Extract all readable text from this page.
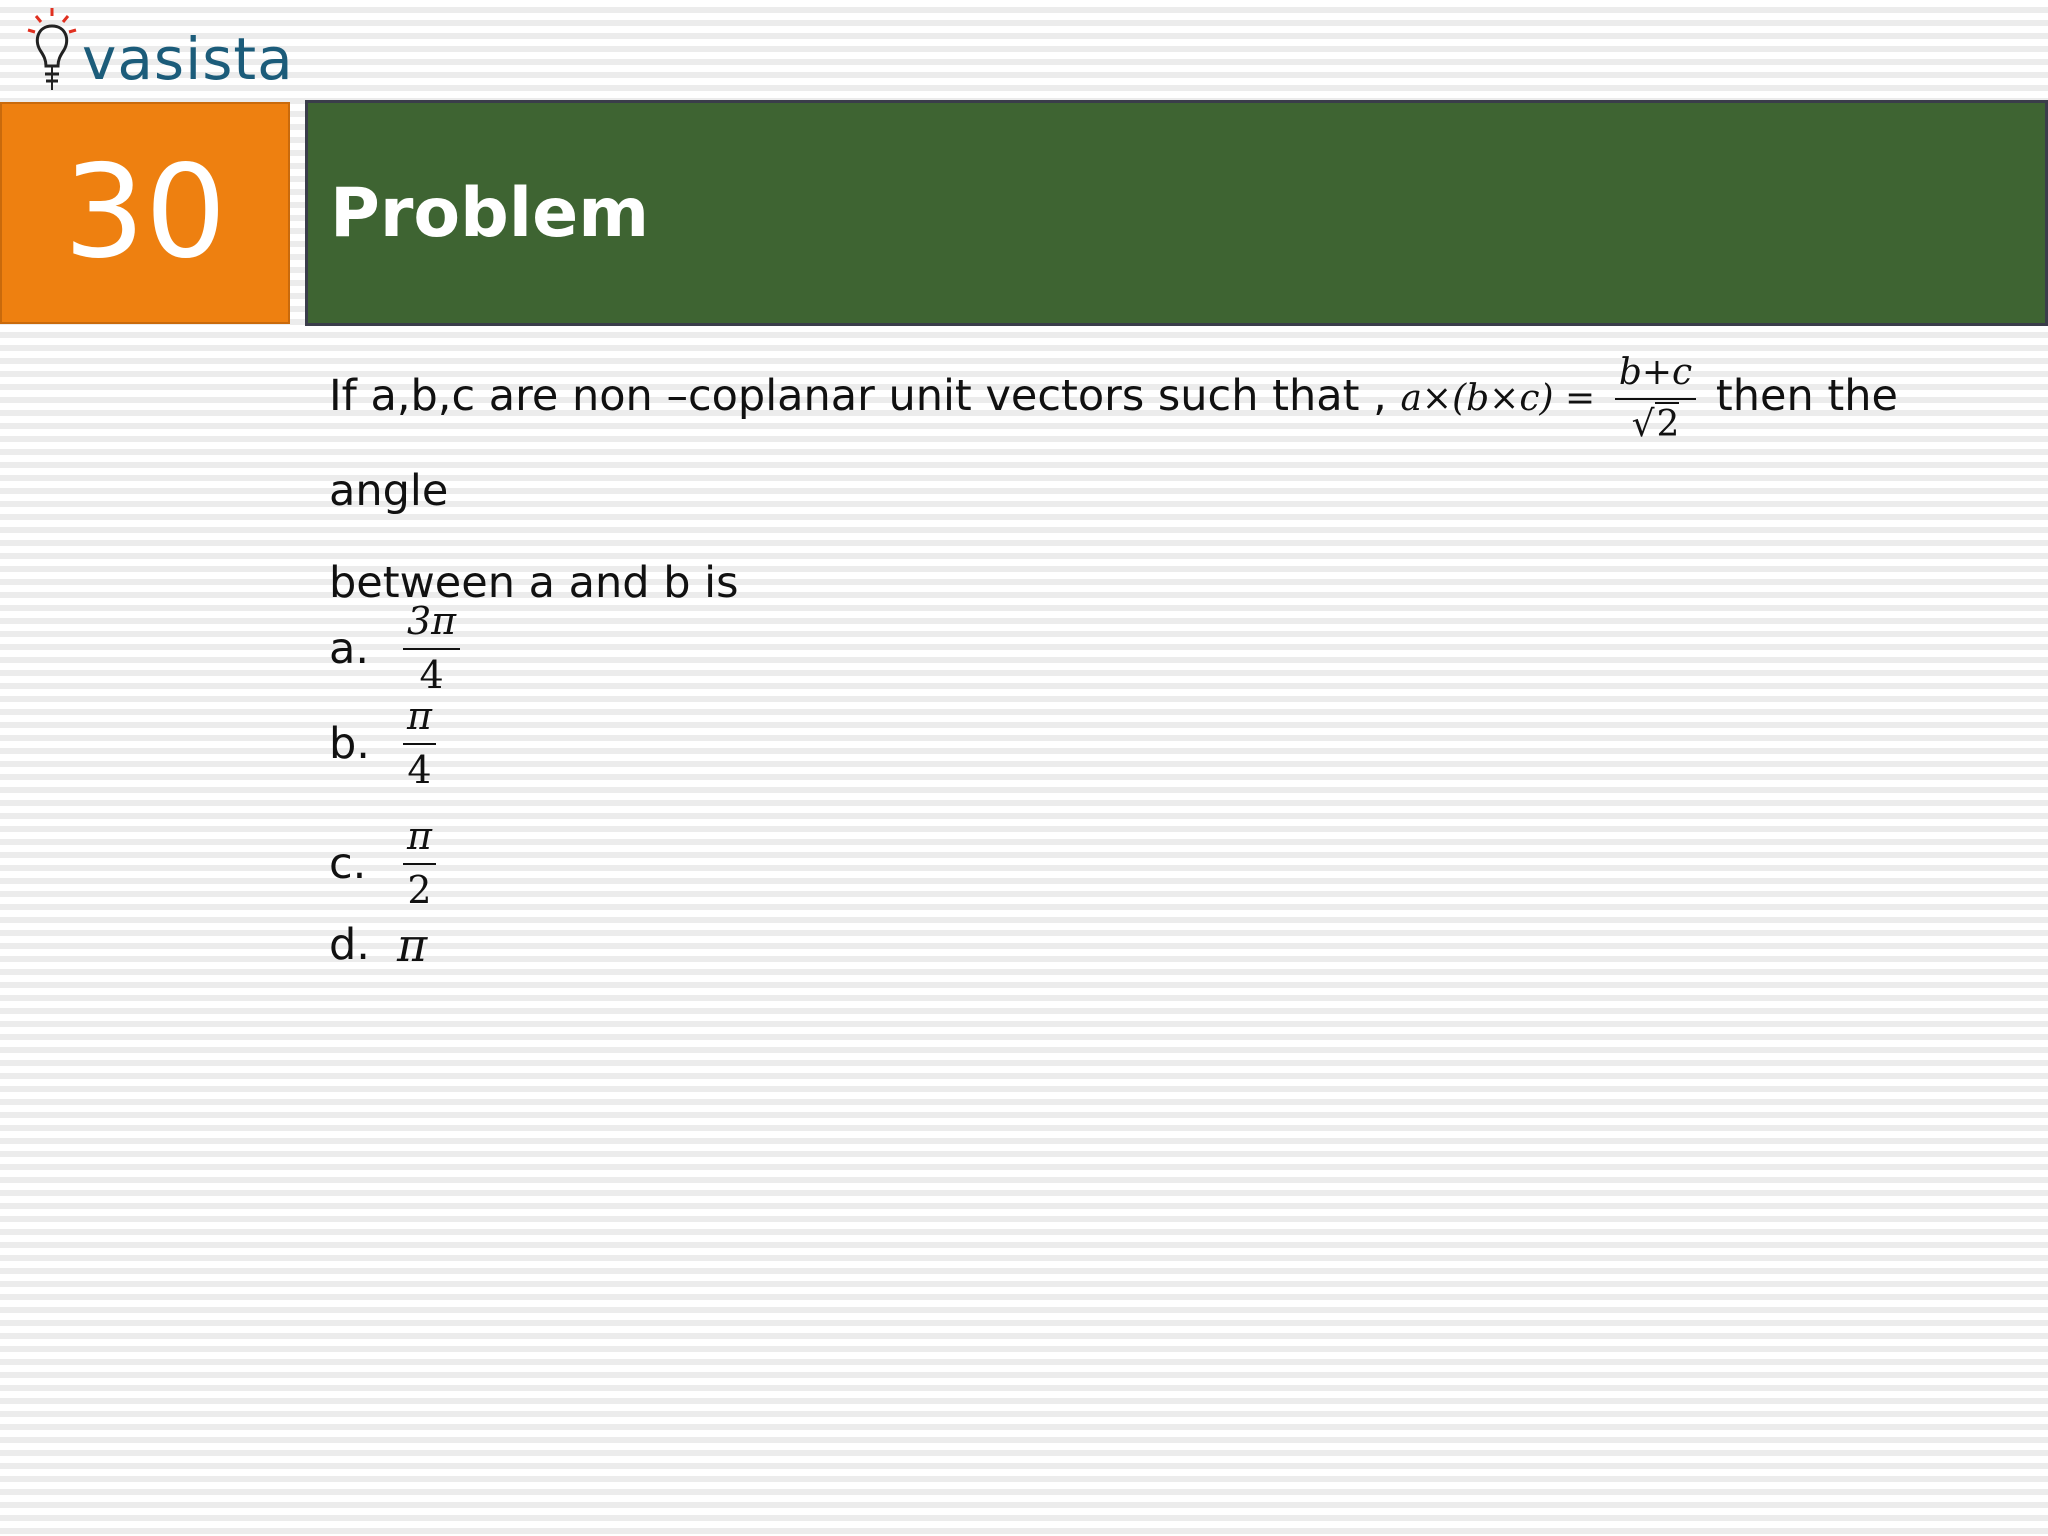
vasista
30 Problem
If a,b,c are non –coplanar unit vectors such that , $a\times(b\times c) = \frac{b+c}{√2}$ then the angle
between a and b is
a. $\frac{3\pi}{4}$
b. $\frac{\pi}{4}$
c. $\frac{\pi}{2}$
d. π
